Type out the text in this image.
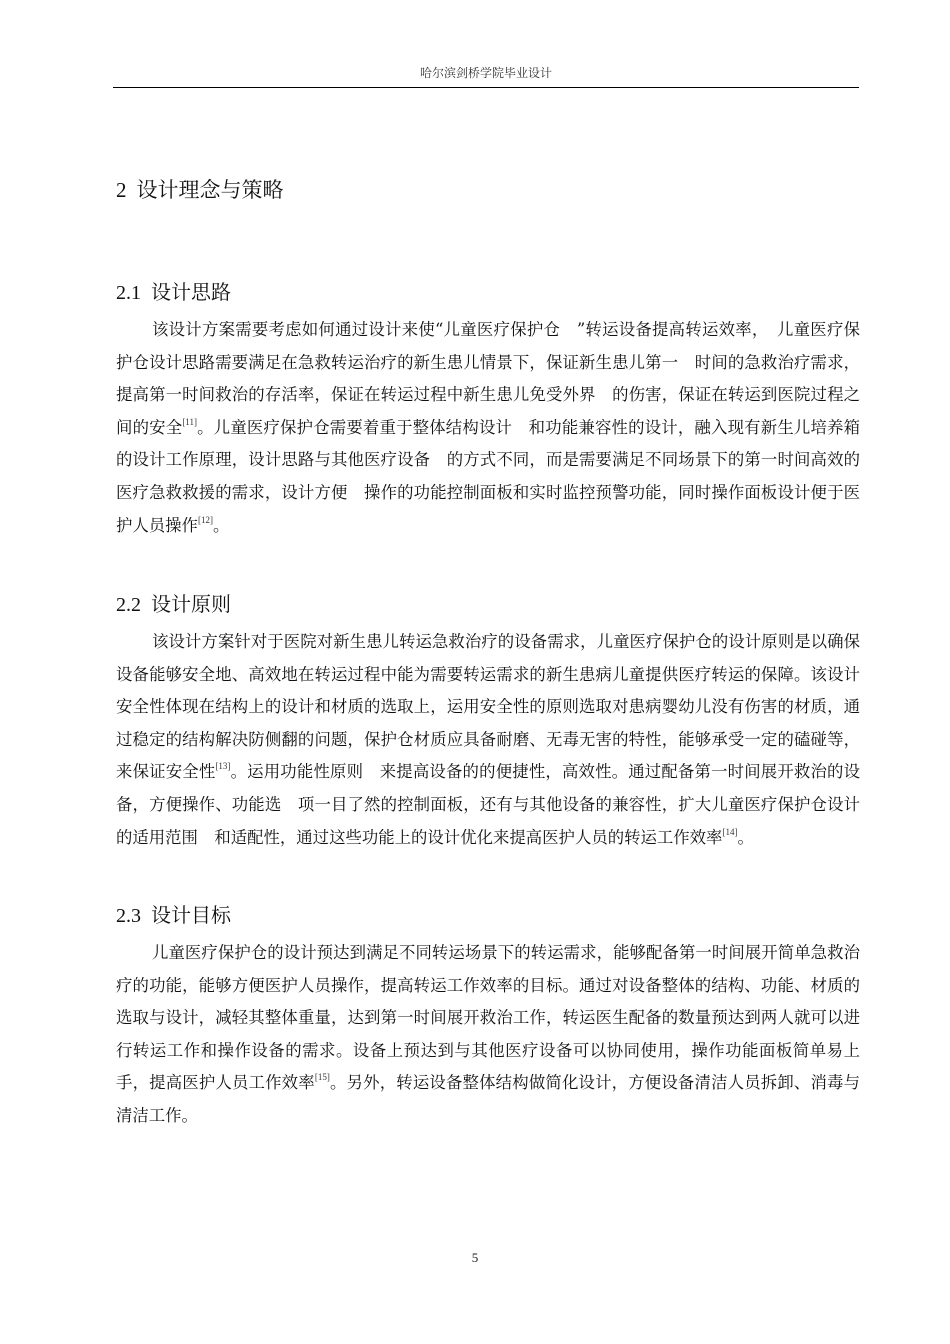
哈尔滨剑桥学院毕业设计
2 设计理念与策略
2.1 设计思路

该设计方案需要考虑如何通过设计来使“儿童医疗保护仓　”转运设备提高转运效率，　儿童医疗保护仓设计思路需要满足在急救转运治疗的新生患儿情景下，保证新生患儿第一　时间的急救治疗需求，提高第一时间救治的存活率，保证在转运过程中新生患儿免受外界　的伤害，保证在转运到医院过程之间的安全[11]。儿童医疗保护仓需要着重于整体结构设计　和功能兼容性的设计，融入现有新生儿培养箱的设计工作原理，设计思路与其他医疗设备　的方式不同，而是需要满足不同场景下的第一时间高效的医疗急救救援的需求，设计方便　操作的功能控制面板和实时监控预警功能，同时操作面板设计便于医护人员操作[12]。

2.2 设计原则

该设计方案针对于医院对新生患儿转运急救治疗的设备需求，儿童医疗保护仓的设计原则是以确保设备能够安全地、高效地在转运过程中能为需要转运需求的新生患病儿童提供医疗转运的保障。该设计安全性体现在结构上的设计和材质的选取上，运用安全性的原则选取对患病婴幼儿没有伤害的材质，通过稳定的结构解决防侧翻的问题，保护仓材质应具备耐磨、无毒无害的特性，能够承受一定的磕碰等，来保证安全性[13]。运用功能性原则　来提高设备的的便捷性，高效性。通过配备第一时间展开救治的设备，方便操作、功能选　项一目了然的控制面板，还有与其他设备的兼容性，扩大儿童医疗保护仓设计的适用范围　和适配性，通过这些功能上的设计优化来提高医护人员的转运工作效率[14]。

2.3 设计目标

儿童医疗保护仓的设计预达到满足不同转运场景下的转运需求，能够配备第一时间展开简单急救治疗的功能，能够方便医护人员操作，提高转运工作效率的目标。通过对设备整体的结构、功能、材质的选取与设计，减轻其整体重量，达到第一时间展开救治工作，转运医生配备的数量预达到两人就可以进行转运工作和操作设备的需求。设备上预达到与其他医疗设备可以协同使用，操作功能面板简单易上手，提高医护人员工作效率[15]。另外，转运设备整体结构做简化设计，方便设备清洁人员拆卸、消毒与清洁工作。

5
